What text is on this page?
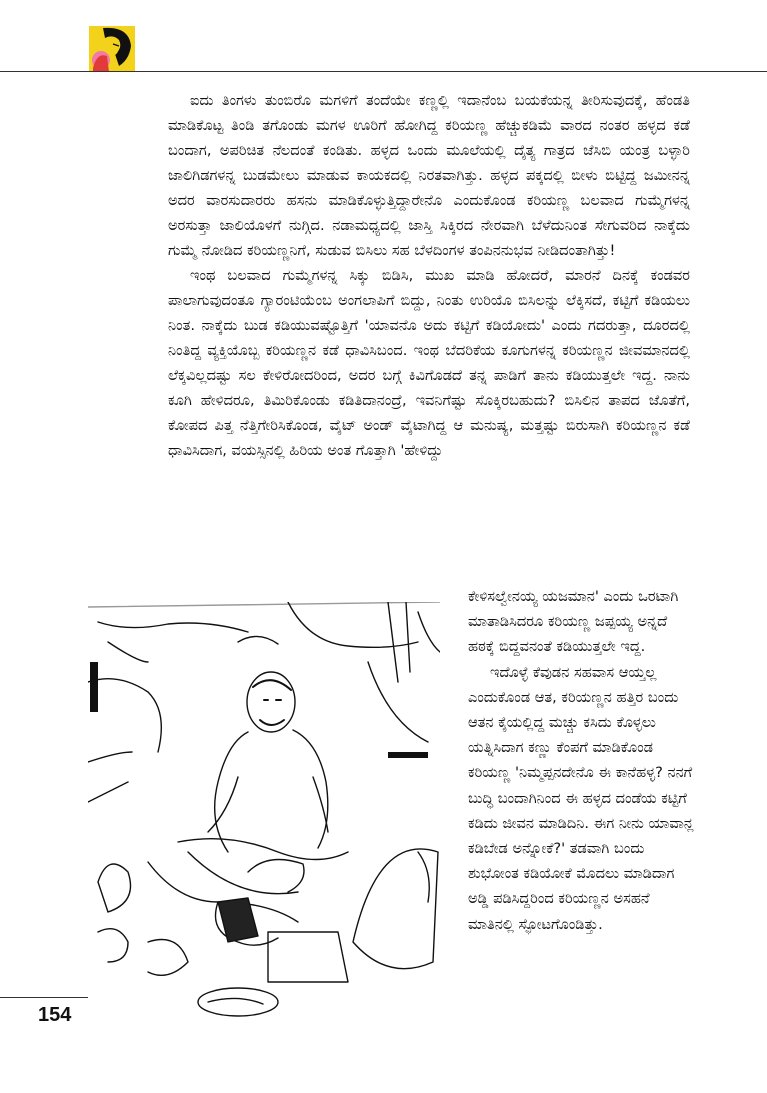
ಐದು ತಿಂಗಳು ತುಂಬಿರೊ ಮಗಳಿಗೆ ತಂದೆಯೇ ಕಣ್ಣಲ್ಲಿ ಇದಾನೆಂಬ ಬಯಕೆಯನ್ನ ತೀರಿಸುವುದಕ್ಕೆ, ಹೆಂಡತಿ ಮಾಡಿಕೊಟ್ಟ ತಿಂಡಿ ತಗೊಂಡು ಮಗಳ ಊರಿಗೆ ಹೋಗಿದ್ದ ಕರಿಯಣ್ಣ ಹೆಚ್ಚುಕಡಿಮೆ ವಾರದ ನಂತರ ಹಳ್ಳದ ಕಡೆ ಬಂದಾಗ, ಅಪರಿಚಿತ ನೆಲದಂತೆ ಕಂಡಿತು. ಹಳ್ಳದ ಒಂದು ಮೂಲೆಯಲ್ಲಿ ದೈತ್ಯ ಗಾತ್ರದ ಜೆಸಿಬಿ ಯಂತ್ರ ಬಳ್ಳಾರಿ ಜಾಲಿಗಿಡಗಳನ್ನ ಬುಡಮೇಲು ಮಾಡುವ ಕಾಯಕದಲ್ಲಿ ನಿರತವಾಗಿತ್ತು. ಹಳ್ಳದ ಪಕ್ಕದಲ್ಲಿ ಬೀಳು ಬಿಟ್ಟಿದ್ದ ಜಮೀನನ್ನ ಅದರ ವಾರಸುದಾರರು ಹಸನು ಮಾಡಿಕೊಳ್ಳುತ್ತಿದ್ದಾರೇನೊ ಎಂದುಕೊಂಡ ಕರಿಯಣ್ಣ ಬಲವಾದ ಗುಮ್ಮೆಗಳನ್ನ ಅರಸುತ್ತಾ ಜಾಲಿಯೊಳಗೆ ನುಗ್ಗಿದ. ನಡಾಮಧ್ಯದಲ್ಲಿ ಜಾಸ್ತಿ ಸಿಕ್ಕಿರದ ನೇರವಾಗಿ ಬೆಳೆದುನಿಂತ ಸೇಗುವರಿದ ನಾಕ್ಕೆದು ಗುಮ್ಮೆ ನೋಡಿದ ಕರಿಯಣ್ಣನಿಗೆ, ಸುಡುವ ಬಿಸಿಲು ಸಹ ಬೆಳದಿಂಗಳ ತಂಪಿನನುಭವ ನೀಡಿದಂತಾಗಿತ್ತು!

ಇಂಥ ಬಲವಾದ ಗುಮ್ಮೆಗಳನ್ನ ಸಿಕ್ಕು ಬಿಡಿಸಿ, ಮುಖ ಮಾಡಿ ಹೋದರೆ, ಮಾರನೆ ದಿನಕ್ಕೆ ಕಂಡವರ ಪಾಲಾಗುವುದಂತೂ ಗ್ಯಾರಂಟಿಯೆಂಬ ಅಂಗಲಾಪಿಗೆ ಬಿದ್ದು, ನಿಂತು ಉರಿಯೊ ಬಿಸಿಲನ್ನು ಲೆಕ್ಕಿಸದೆ, ಕಟ್ಟಿಗೆ ಕಡಿಯಲು ನಿಂತ. ನಾಕ್ಕೆದು ಬುಡ ಕಡಿಯುವಷ್ಟೊತ್ತಿಗೆ 'ಯಾವನೊ ಅದು ಕಟ್ಟಿಗೆ ಕಡಿಯೋದು' ಎಂದು ಗದರುತ್ತಾ, ದೂರದಲ್ಲಿ ನಿಂತಿದ್ದ ವ್ಯಕ್ತಿಯೊಬ್ಬ ಕರಿಯಣ್ಣನ ಕಡೆ ಧಾವಿಸಿಬಂದ. ಇಂಥ ಬೆದರಿಕೆಯ ಕೂಗುಗಳನ್ನ ಕರಿಯಣ್ಣನ ಜೀವಮಾನದಲ್ಲಿ ಲೆಕ್ಕವಿಲ್ಲದಷ್ಟು ಸಲ ಕೇಳಿರೋದರಿಂದ, ಅದರ ಬಗ್ಗೆ ಕಿವಿಗೊಡದೆ ತನ್ನ ಪಾಡಿಗೆ ತಾನು ಕಡಿಯುತ್ತಲೇ ಇದ್ದ. ನಾನು ಕೂಗಿ ಹೇಳಿದರೂ, ತಿಮಿರಿಕೊಂಡು ಕಡಿತಿದಾನಂದ್ರೆ, ಇವನಿಗೆಷ್ಟು ಸೊಕ್ಕಿರಬಹುದು? ಬಿಸಿಲಿನ ತಾಪದ ಜೊತೆಗೆ, ಕೋಪದ ಪಿತ್ತ ನೆತ್ತಿಗೇರಿಸಿಕೊಂಡ, ವೈಟ್ ಅಂಡ್ ವೈಟಾಗಿದ್ದ ಆ ಮನುಷ್ಯ, ಮತ್ತಷ್ಟು ಬಿರುಸಾಗಿ ಕರಿಯಣ್ಣನ ಕಡೆ ಧಾವಿಸಿದಾಗ, ವಯಸ್ಸಿನಲ್ಲಿ ಹಿರಿಯ ಅಂತ ಗೊತ್ತಾಗಿ 'ಹೇಳಿದ್ದು

ಕೇಳಿಸಲ್ವೇನಯ್ಯ ಯಜಮಾನ' ಎಂದು ಒರಟಾಗಿ ಮಾತಾಡಿಸಿದರೂ ಕರಿಯಣ್ಣ ಜಪ್ಪಯ್ಯ ಅನ್ನದೆ ಹಠಕ್ಕೆ ಬಿದ್ದವನಂತೆ ಕಡಿಯುತ್ತಲೇ ಇದ್ದ.

ಇದೊಳ್ಳೆ ಕೆವುಡನ ಸಹವಾಸ ಆಯ್ತಲ್ಲ ಎಂದುಕೊಂಡ ಆತ, ಕರಿಯಣ್ಣನ ಹತ್ತಿರ ಬಂದು ಆತನ ಕೈಯಲ್ಲಿದ್ದ ಮಚ್ಚು ಕಸಿದು ಕೊಳ್ಳಲು ಯತ್ನಿಸಿದಾಗ ಕಣ್ಣು ಕೆಂಪಗೆ ಮಾಡಿಕೊಂಡ ಕರಿಯಣ್ಣ 'ನಿಮ್ಮಪ್ಪನದೇನೊ ಈ ಕಾನೆಹಳ್ಳ? ನನಗೆ ಬುದ್ಧಿ ಬಂದಾಗಿನಿಂದ ಈ ಹಳ್ಳದ ದಂಡೆಯ ಕಟ್ಟಿಗೆ ಕಡಿದು ಜೀವನ ಮಾಡಿದಿನಿ. ಈಗ ನೀನು ಯಾವಾನ್ಲ ಕಡಿಬೇಡ ಅನ್ನೋಕೆ?' ತಡವಾಗಿ ಬಂದು ಶುಭೋಂತ ಕಡಿಯೋಕೆ ಮೊದಲು ಮಾಡಿದಾಗ ಅಡ್ಡಿ ಪಡಿಸಿದ್ದರಿಂದ ಕರಿಯಣ್ಣನ ಅಸಹನೆ ಮಾತಿನಲ್ಲಿ ಸ್ಫೋಟಗೊಂಡಿತ್ತು.

154
